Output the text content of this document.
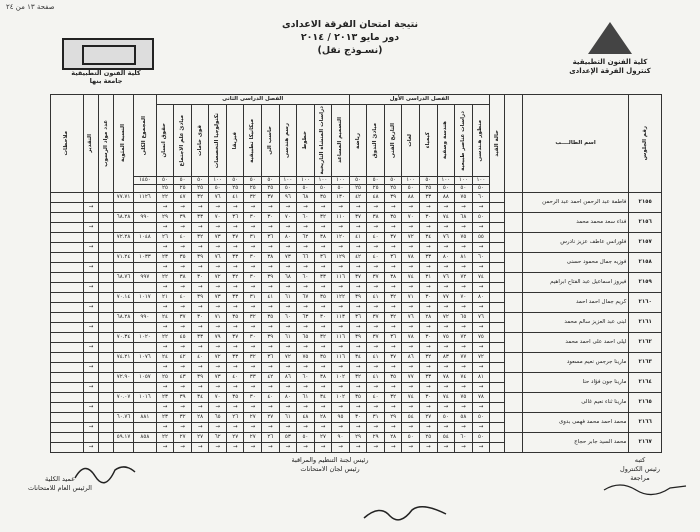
صفحة ١٣ من ٢٤
نتيجة امتحان الفرقة الاعدادى
دور مايو ٢٠١٣ / ٢٠١٤
(نسـوذج نقل)
كلية الفنون التطبيقية
جامعة بنها
كلية الفنون التطبيقية
كنترول الفرقة الإعدادى
رقم الجلوس	اسم الطالــــب		حالة القيد	الفصل الدراسى الأول								الفصل الدراسى الثانى											المجموع الكلى	النسبة المئوية	عدد مواد الرسوب	التقدير	ملاحظات

				منظور هـندسى	دراسات عناصر طبيعية	هندسة وصفية	كيمياء	لغات	التاريخ الفنى	مبادئ التذوق	رياضة	التصميم المساعد	دراسات المنشأة التاريخية	خطوط	رسم هندسى	حاسب الى	ميكانيكا تطبيقية	فيزيقا	تكنولوجيا التخصصات	قوى خامات	مبادئ علم الاجتماع	حقوق انسان					

				١٠٠	١٠٠	١٠٠	٥٠	١٠٠	٥٠	٥٠	٥٠	١٠٠	١٠٠	١٠٠	١٠٠	٥٠	٥٠	٥٠	١٠٠	٥٠	٥٠	٥٠	١٤٥٠				
				٥٠	٥٠	٥٠	٢٥	٥٠	٢٥	٢٥	٢٥	٥٠	٥٠	٥٠	٥٠	٢٥	٢٥	٢٥	٥٠	٢٥	٢٥	٢٥					
٢١٥٥	فاطمة عبد الرحمن احمد عبد الرحمن			٦٠	٧٥	٨٨	٣٣	٨٨	٣٩	٤٨	٤٢	١٣٠	٣٥	٦٨	٩٦	٣٧	٣٢	٤١	٧٦	٣٢	٤٧	٢٢	١١٢٦	٧٧.٧١			
				→	→	→	→	→	→	→	→	→	→	→	→	→	→	→	→	→	→	→				→	
٢١٥٦	فداء سعد محمد محمد			٥٠	٦٨	٧٤	٣٠	٧٠	٣٥	٣٨	٣٧	١١٠	٣٢	٦٠	٧٠	٣٠	٣٠	٣٦	٧٠	٣٣	٣٩	٢٩	٩٩٠	٦٨.٢٨			
				→	→	→	→	→	→	→	→	→	→	→	→	→	→	→	→	→	→	→				→	
٢١٥٧	فلورانس عاطف عزيز نادرس			٥٥	٧٥	٧٦	٣٤	٧٢	٣٧	٤٠	٤١	١٢٠	٣٨	٦٢	٨٠	٣٦	٣١	٣٧	٧٣	٣٢	٤٠	٢٦	١٠٤٨	٧٢.٢٨			
				→	→	→	→	→	→	→	→	→	→	→	→	→	→	→	→	→	→	→				→	
٢١٥٨	فوزيه جمال محمود حسنى			٦٠	٨١	٨٠	٣٣	٧٨	٣٦	٤٠	٤٢	١٢٩	٣٦	٦٦	٧٣	٣٨	٣٠	٣٣	٧٦	٣٩	٣٥	٢٣	١٠٣٣	٧١.٢٤			
				→	→	→	→	→	→	→	→	→	→	→	→	→	→	→	→	→	→	→				→	
٢١٥٩	فيروز اسماعيل عبد الفتاح ابراهيم			٧٤	٧٢	٧٦	٣١	٧٤	٣٨	٣٧	٣٧	١١٦	٣٣	٦٠	٦٨	٣٩	٣٠	٣٢	٧٢	٣٠	٣٨	٢٢	٩٩٧	٦٨.٧٦			
				→	→	→	→	→	→	→	→	→	→	→	→	→	→	→	→	→	→	→				→	
٢١٦٠	كريم جمال احمد احمد			٨٠	٧٠	٧٧	٣٠	٧١	٣٢	٤١	٣٩	١٢٢	٣٥	٦٧	٦١	٤١	٣١	٣٣	٧٣	٣٩	٤٠	٢١	١٠١٧	٧٠.١٤			
				→	→	→	→	→	→	→	→	→	→	→	→	→	→	→	→	→	→	→				→	
٢١٦١	لبنى عبد العزيز سالم محمد			٧٦	٦٥	٧٢	٢٨	٧٦	٣٢	٣٧	٣٦	١١٣	٣٠	٦٣	٦٠	٣٥	٣٢	٣٥	٧١	٣٠	٣٧	٢٤	٩٩٠	٦٨.٢٨			
				→	→	→	→	→	→	→	→	→	→	→	→	→	→	→	→	→	→	→				→	
٢١٦٢	ليلى احمد على احمد محمد			٧٥	٧٢	٧٥	٣٠	٧٨	٣٦	٣٧	٣٩	١١٦	٣٢	٦٥	٦١	٣٩	٣٠	٣٧	٧٩	٣٣	٤٥	٢٢	١٠٢٠	٧٠.٣٤			
				→	→	→	→	→	→	→	→	→	→	→	→	→	→	→	→	→	→	→				→	
٢١٦٣	مارينا جرجس نعيم مسعود			٧٢	٧٧	٨٣	٣٢	٨٦	٣٧	٤١	٣٤	١١٦	٣٥	٧٥	٧٢	٣٦	٣٢	٣٣	٧٢	٤٠	٤٢	٢٤	١٠٧٦	٧٤.٢١			
				→	→	→	→	→	→	→	→	→	→	→	→	→	→	→	→	→	→	→				→	
٢١٦٤	مارينا جون فؤاد حنا			٨١	٧٤	٧٨	٣٣	٧٧	٣٥	٤١	٣٢	١٠٢	٣٨	٦٠	٨٦	٤٢	٣٣	٤٠	٧٣	٣٩	٤٣	٢٥	١٠٥٧	٧٢.٩٠			
				→	→	→	→	→	→	→	→	→	→	→	→	→	→	→	→	→	→	→				→	
٢١٦٥	مارينا ثناء نعيم غالى			٧٨	٧٥	٧٤	٣٠	٧٤	٣٢	٤٠	٣٥	١٠٢	٣٤	٦١	٨٠	٤٠	٣٠	٣٥	٧٠	٣٤	٣٩	٢٣	١٠١٦	٧٠.٠٧			
				→	→	→	→	→	→	→	→	→	→	→	→	→	→	→	→	→	→	→				→	
٢١٦٦	محمد احمد محمد فهمى بدوى			٥٠	٥٨	٥٠	٢٧	٥٤	٢٩	٣١	٣٠	٩٥	٢٨	٤٨	٦١	٢٧	٢٧	٢٦	٦٥	٢٨	٣٢	٢٣	٨٨١	٦٠.٧٦			
				→	→	→	→	→	→	→	→	→	→	→	→	→	→	→	→	→	→	→				→	
٢١٦٧	محمد السيد جابر حجاج			٥٠	٦٠	٥٤	٢٥	٥٠	٢٨	٢٩	٢٩	٩٠	٢٧	٥٠	٥٣	٢٦	٢٧	٢٧	٦٢	٢٧	٢٧	٢٢	٨٥٨	٥٩.١٧			
				→	→	→	→	→	→	→	→	→	→	→	→	→	→	→	→	→	→	→				→	
كتبه
رئيس الكنترول
مراجعة
رئيس لجنة التنظيم والمراقبة
رئيس لجان الامتحانات
عميد الكلية
الرئيس العام للامتحانات
